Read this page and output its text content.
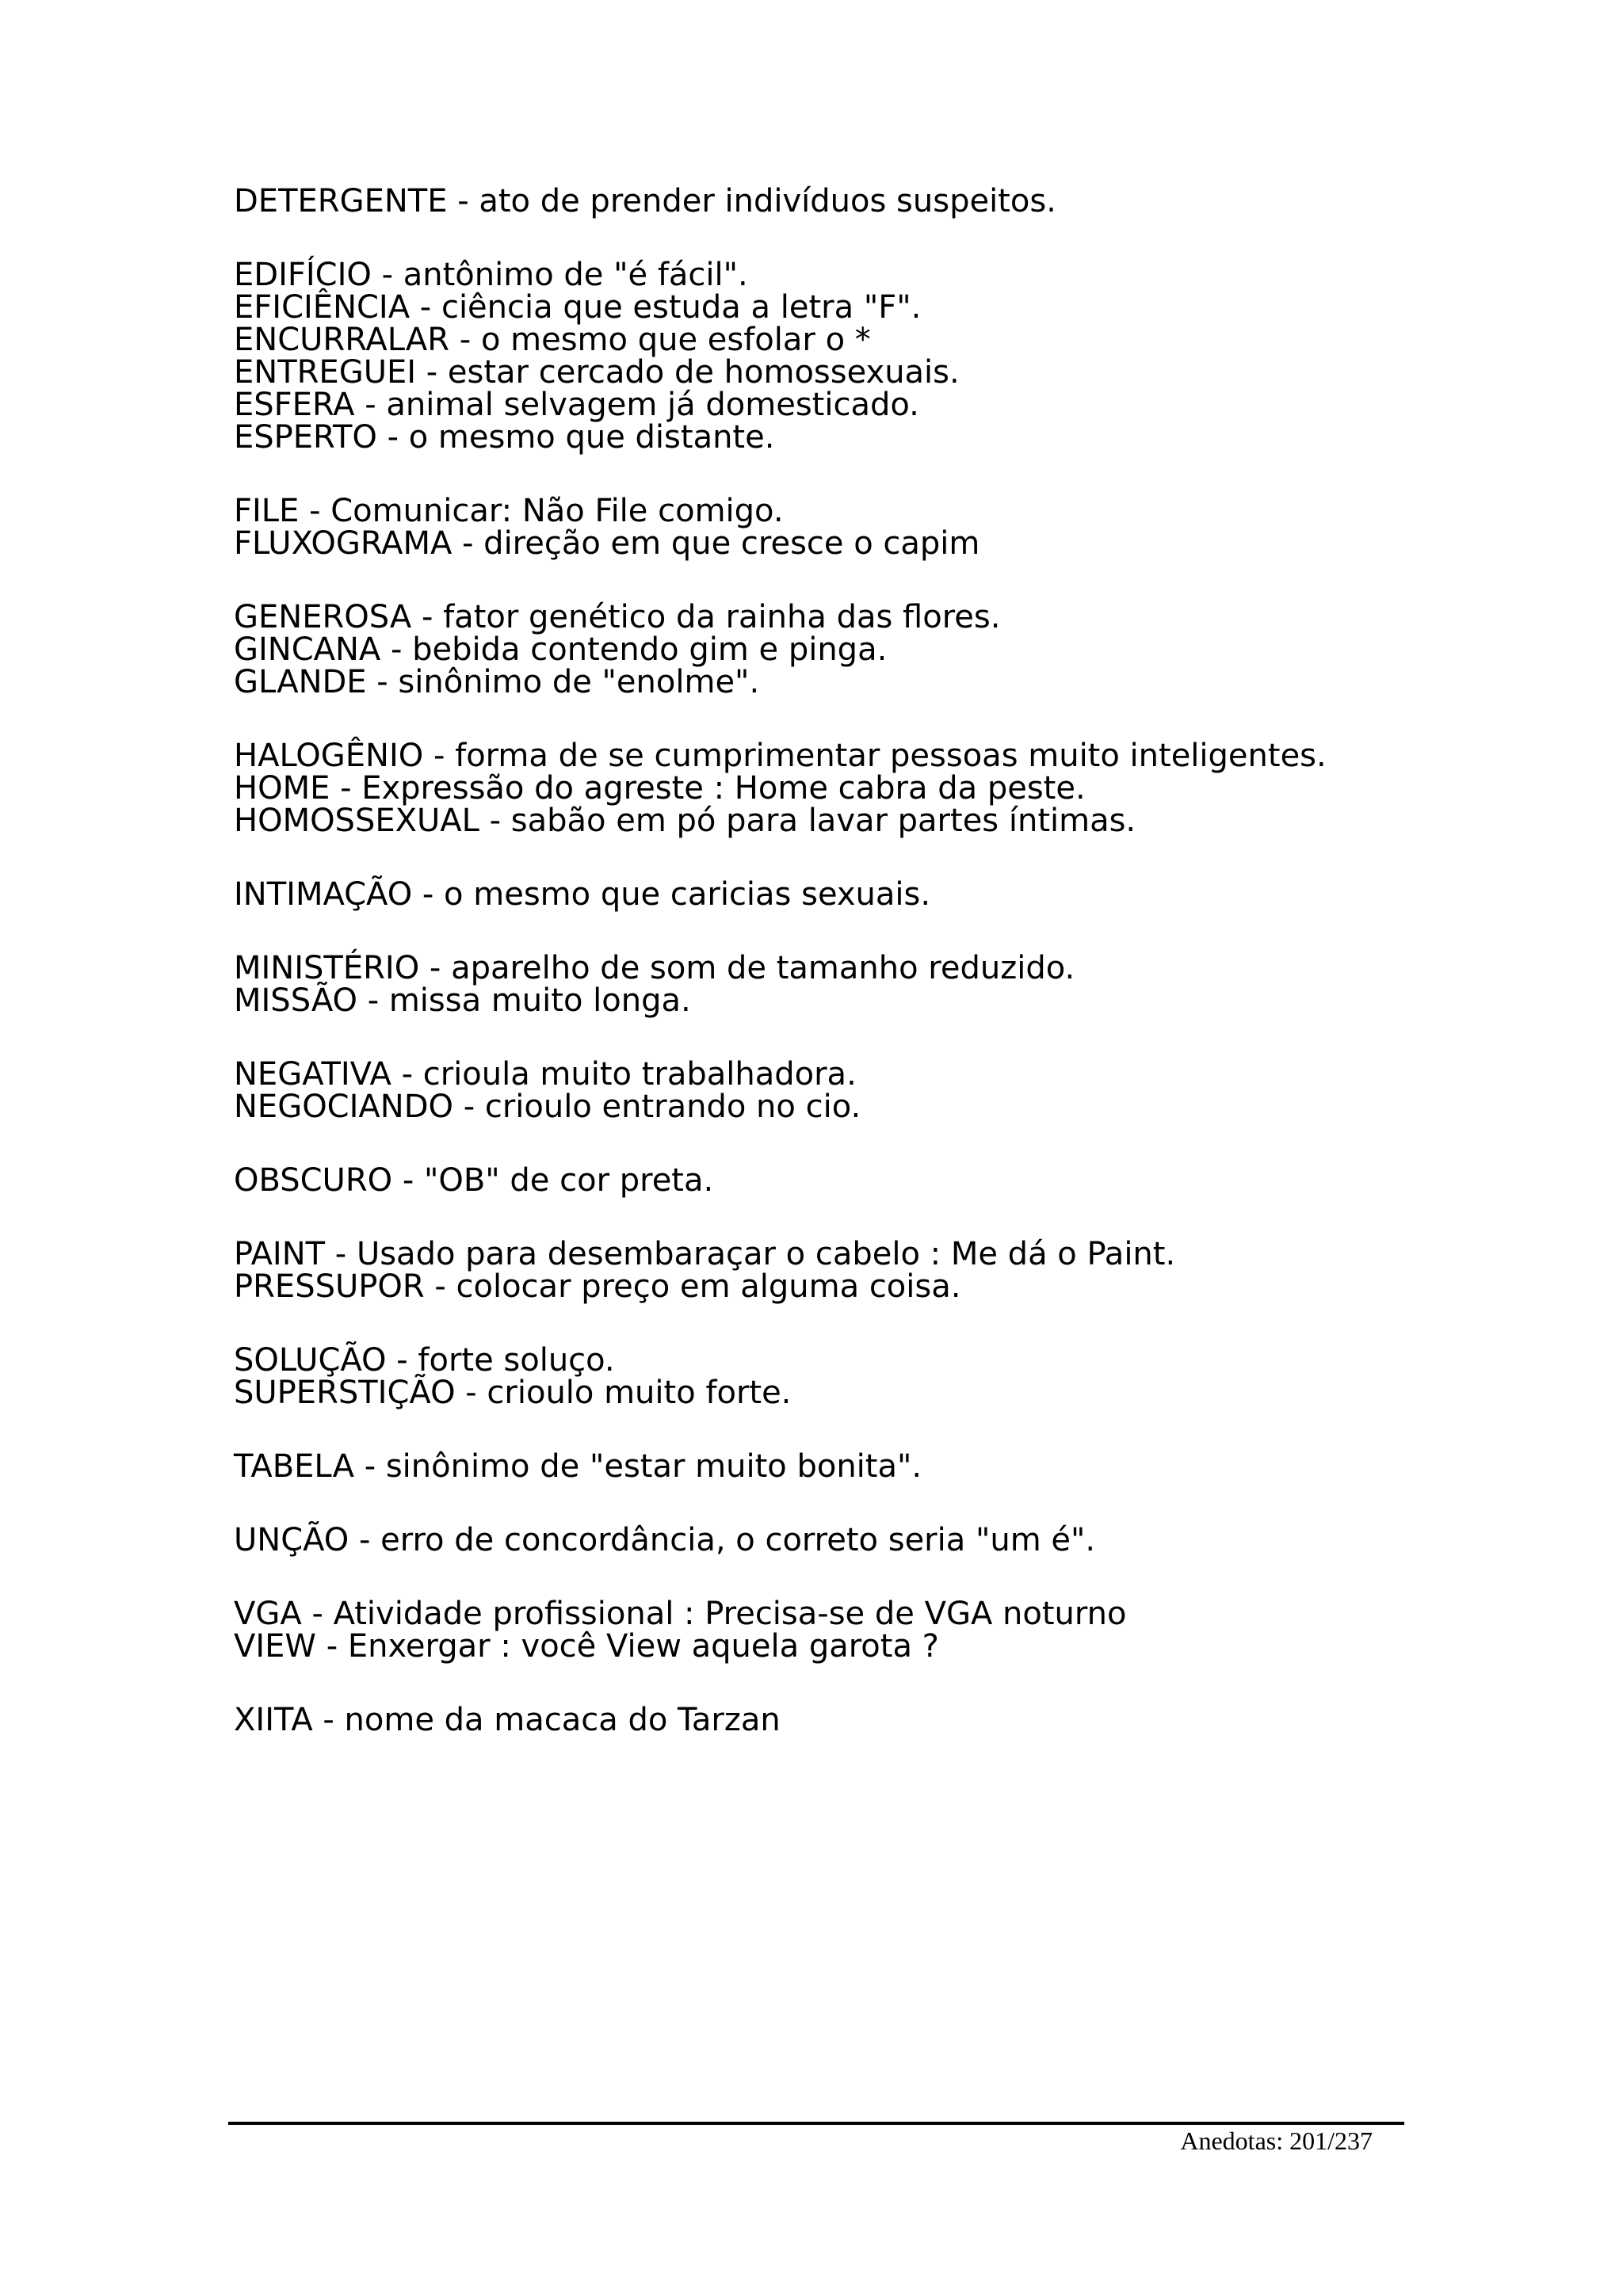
DETERGENTE - ato de prender indivíduos suspeitos.
EDIFÍCIO - antônimo de "é fácil".
EFICIÊNCIA - ciência que estuda a letra "F".
ENCURRALAR - o mesmo que esfolar o *
ENTREGUEI - estar cercado de homossexuais.
ESFERA - animal selvagem já domesticado.
ESPERTO - o mesmo que distante.
FILE - Comunicar: Não File comigo.
FLUXOGRAMA - direção em que cresce o capim
GENEROSA - fator genético da rainha das flores.
GINCANA - bebida contendo gim e pinga.
GLANDE - sinônimo de "enolme".
HALOGÊNIO - forma de se cumprimentar pessoas muito inteligentes.
HOME - Expressão do agreste : Home cabra da peste.
HOMOSSEXUAL - sabão em pó para lavar partes íntimas.
INTIMAÇÃO - o mesmo que caricias sexuais.
MINISTÉRIO - aparelho de som de tamanho reduzido.
MISSÃO - missa muito longa.
NEGATIVA - crioula muito trabalhadora.
NEGOCIANDO - crioulo entrando no cio.
OBSCURO - "OB" de cor preta.
PAINT - Usado para desembaraçar o cabelo : Me dá o Paint.
PRESSUPOR - colocar preço em alguma coisa.
SOLUÇÃO - forte soluço.
SUPERSTIÇÃO - crioulo muito forte.
TABELA - sinônimo de "estar muito bonita".
UNÇÃO - erro de concordância, o correto seria "um é".
VGA - Atividade profissional : Precisa-se de VGA noturno
VIEW - Enxergar : você View aquela garota ?
XIITA - nome da macaca do Tarzan
Anedotas: 201/237
